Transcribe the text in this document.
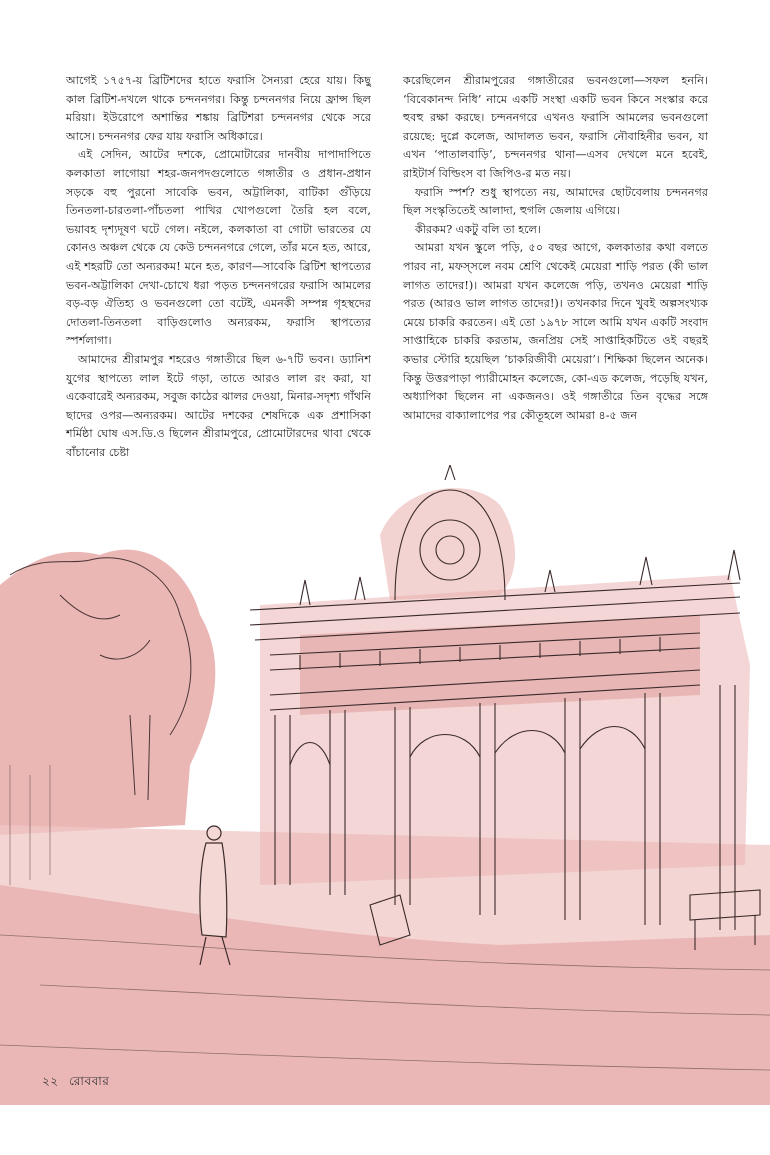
আগেই ১৭৫৭-য় ব্রিটিশদের হাতে ফরাসি সৈন্যরা হেরে যায়। কিছু কাল ব্রিটিশ-দখলে থাকে চন্দননগর। কিন্তু চন্দননগর নিয়ে ফ্রান্স ছিল মরিয়া। ইউরোপে অশান্তির শঙ্কায় ব্রিটিশরা চন্দননগর থেকে সরে আসে। চন্দননগর ফের যায় ফরাসি অধিকারে।

এই সেদিন, আটের দশকে, প্রোমোটারের দানবীয় দাপাদাপিতে কলকাতা লাগোয়া শহর-জনপদগুলোতে গঙ্গাতীর ও প্রধান-প্রধান সড়কে বহু পুরনো সাবেকি ভবন, অট্টালিকা, বাটিকা গুঁড়িয়ে তিনতলা-চারতলা-পাঁচতলা পাখির খোপগুলো তৈরি হল বলে, ভয়াবহ দৃশ্যদূষণ ঘটে গেল। নইলে, কলকাতা বা গোটা ভারতের যে কোনও অঞ্চল থেকে যে কেউ চন্দননগরে গেলে, তাঁর মনে হত, আরে, এই শহরটি তো অন্যরকম! মনে হত, কারণ—সাবেকি ব্রিটিশ স্থাপত্যের ভবন-অট্টালিকা দেখা-চোখে ধরা পড়ত চন্দননগরের ফরাসি আমলের বড়-বড় ঐতিহ্য ও ভবনগুলো তো বটেই, এমনকী সম্পন্ন গৃহস্থদের দোতলা-তিনতলা বাড়িগুলোও অন্যরকম, ফরাসি স্থাপত্যের স্পর্শলাগা।

আমাদের শ্রীরামপুর শহরেও গঙ্গাতীরে ছিল ৬-৭টি ভবন। ড্যানিশ যুগের স্থাপত্যে লাল ইটে গড়া, তাতে আরও লাল রং করা, যা একেবারেই অন্যরকম, সবুজ কাঠের ঝালর দেওয়া, মিনার-সদৃশ্য গাঁথনি ছাদের ওপর—অন্যরকম। আটের দশকের শেষদিকে এক প্রশাসিকা শর্মিষ্ঠা ঘোষ এস.ডি.ও ছিলেন শ্রীরামপুরে, প্রোমোটারদের থাবা থেকে বাঁচানোর চেষ্টা

করেছিলেন শ্রীরামপুরের গঙ্গাতীরের ভবনগুলো—সফল হননি। ‘বিবেকানন্দ নিধি’ নামে একটি সংস্থা একটি ভবন কিনে সংস্কার করে হুবহু রক্ষা করছে। চন্দননগরে এখনও ফরাসি আমলের ভবনগুলো রয়েছে: দুপ্লে কলেজ, আদালত ভবন, ফরাসি নৌবাহিনীর ভবন, যা এখন ‘পাতালবাড়ি’, চন্দননগর থানা—এসব দেখলে মনে হবেই, রাইটার্স বিল্ডিংস বা জিপিও-র মত নয়।

ফরাসি স্পর্শ? শুধু স্থাপত্যে নয়, আমাদের ছোটবেলায় চন্দননগর ছিল সংস্কৃতিতেই আলাদা, হুগলি জেলায় এগিয়ে।

কীরকম? একটু বলি তা হলে।

আমরা যখন স্কুলে পড়ি, ৫০ বছর আগে, কলকাতার কথা বলতে পারব না, মফস্‌সলে নবম শ্রেণি থেকেই মেয়েরা শাড়ি পরত (কী ভাল লাগত তাদের!)। আমরা যখন কলেজে পড়ি, তখনও মেয়েরা শাড়ি পরত (আরও ভাল লাগত তাদের!)। তখনকার দিনে খুবই অল্পসংখ্যক মেয়ে চাকরি করতেন। এই তো ১৯৭৮ সালে আমি যখন একটি সংবাদ সাপ্তাহিকে চাকরি করতাম, জনপ্রিয় সেই সাপ্তাহিকটিতে ওই বছরই কভার স্টোরি হয়েছিল ‘চাকরিজীবী মেয়েরা’। শিক্ষিকা ছিলেন অনেক। কিন্তু উত্তরপাড়া প্যারীমোহন কলেজে, কো-এড কলেজ, পড়েছি যখন, অধ্যাপিকা ছিলেন না একজনও। ওই গঙ্গাতীরে তিন বৃদ্ধের সঙ্গে আমাদের বাক্যালাপের পর কৌতূহলে আমরা ৪-৫ জন

২২ রোববার
